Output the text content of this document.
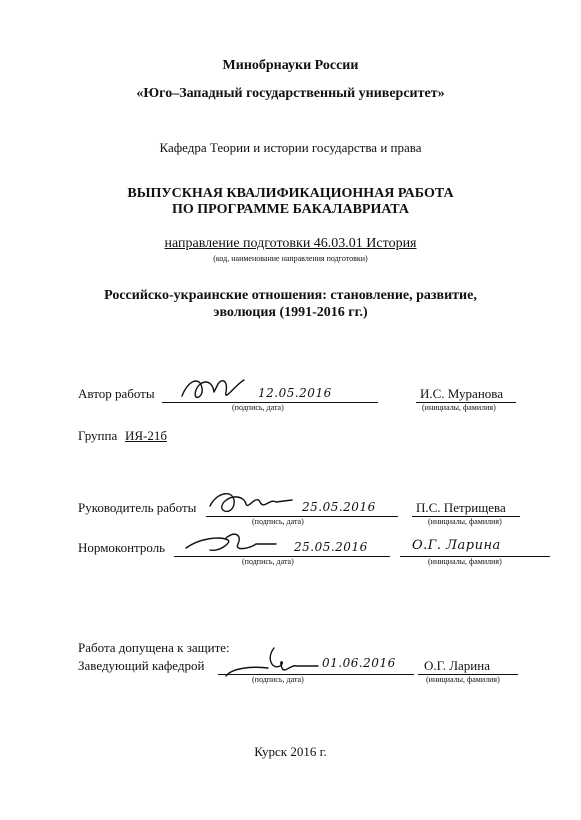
Минобрнауки России
«Юго–Западный государственный университет»
Кафедра Теории и истории государства и права
ВЫПУСКНАЯ КВАЛИФИКАЦИОННАЯ РАБОТА
ПО ПРОГРАММЕ БАКАЛАВРИАТА
направление подготовки 46.03.01 История
(код, наименование направления подготовки)
Российско-украинские отношения: становление, развитие,
эволюция (1991-2016 гг.)
Автор работы	12.05.2016
(подпись, дата)
И.С. Муранова
(инициалы, фамилия)
Группа ИЯ-21б
Руководитель работы	25.05.2016
(подпись, дата)
П.С. Петрищева
(инициалы, фамилия)
Нормоконтроль	25.05.2016
(подпись, дата)
О.Г. Ларина
(инициалы, фамилия)
Работа допущена к защите:
Заведующий кафедрой	01.06.2016
(подпись, дата)
О.Г. Ларина
(инициалы, фамилия)
Курск 2016 г.
